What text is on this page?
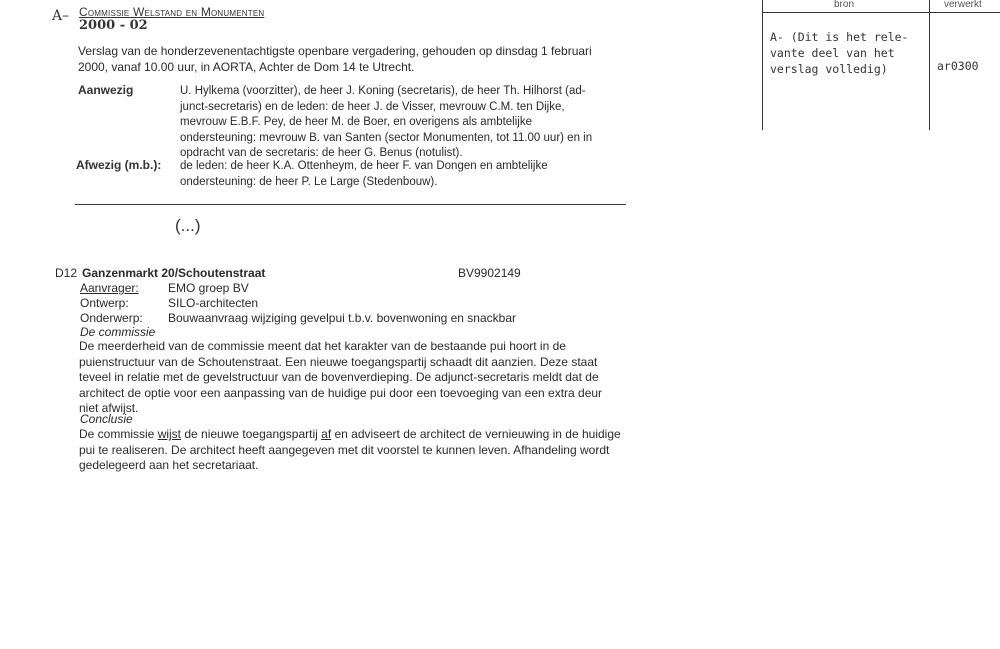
A– Commissie Welstand en Monumenten
2000 - 02
Verslag van de honderzevenentachtigste openbare vergadering, gehouden op dinsdag 1 februari
2000, vanaf 10.00 uur, in AORTA, Achter de Dom 14 te Utrecht.
Aanwezig	U. Hylkema (voorzitter), de heer J. Koning (secretaris), de heer Th. Hilhorst (ad-
junct-secretaris) en de leden: de heer J. de Visser, mevrouw C.M. ten Dijke,
mevrouw E.B.F. Pey, de heer M. de Boer, en overigens als ambtelijke
ondersteuning: mevrouw B. van Santen (sector Monumenten, tot 11.00 uur) en in
opdracht van de secretaris: de heer G. Benus (notulist).
Afwezig (m.b.): de leden: de heer K.A. Ottenheym, de heer F. van Dongen en ambtelijke
ondersteuning: de heer P. Le Large (Stedenbouw).
(...)
D12 Ganzenmarkt 20/Schoutenstraat	BV9902149
Aanvrager: EMO groep BV
Ontwerp:	SILO-architecten
Onderwerp: Bouwaanvraag wijziging gevelpui t.b.v. bovenwoning en snackbar
De commissie
De meerderheid van de commissie meent dat het karakter van de bestaande pui hoort in de
puienstructuur van de Schoutenstraat. Een nieuwe toegangspartij schaadt dit aanzien. Deze staat
teveel in relatie met de gevelstructuur van de bovenverdieping. De adjunct-secretaris meldt dat de
architect de optie voor een aanpassing van de huidige pui door een toevoeging van een extra deur
niet afwijst.
Conclusie
De commissie wijst de nieuwe toegangspartij af en adviseert de architect de vernieuwing in de huidige
pui te realiseren. De architect heeft aangegeven met dit voorstel te kunnen leven. Afhandeling wordt
gedelegeerd aan het secretariaat.
bron	verwerkt
A- (Dit is het rele-
vante deel van het
verslag volledig)	ar0300
